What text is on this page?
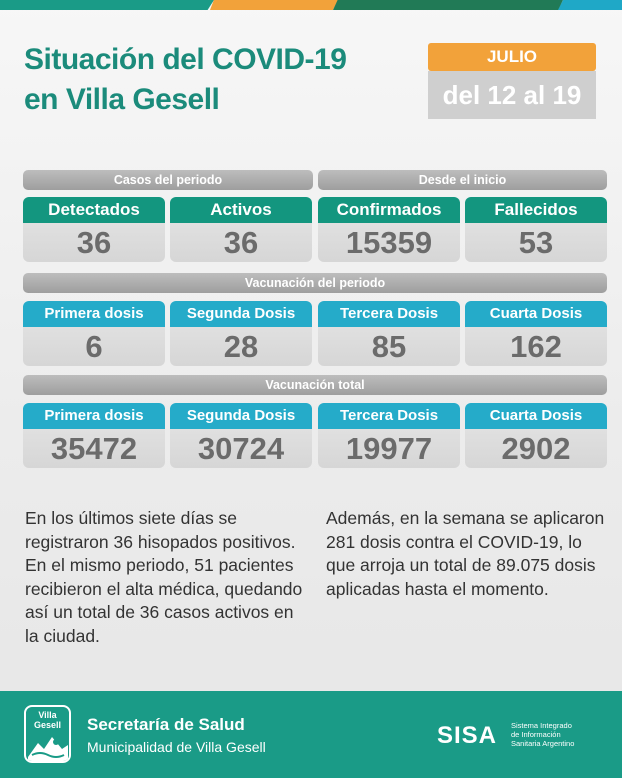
Situación del COVID-19
en Villa Gesell
JULIO
del 12 al 19
Casos del periodo	Desde el inicio
Vacunación del periodo
Vacunación total
Detectados
36
Activos
36
Confirmados
15359
Fallecidos
53
Primera dosis
6
Segunda Dosis
28
Tercera Dosis
85
Cuarta Dosis
162
Primera dosis
35472
Segunda Dosis
30724
Tercera Dosis
19977
Cuarta Dosis
2902
En los últimos siete días se registraron 36 hisopados positivos. En el mismo periodo, 51 pacientes recibieron el alta médica, quedando así un total de 36 casos activos en la ciudad.
Además, en la semana se aplicaron 281 dosis contra el COVID-19, lo que arroja un total de 89.075 dosis aplicadas hasta el momento.
Villa
Gesell	Secretaría de Salud
Municipalidad de Villa Gesell	SISA Sistema Integrado
de Información
Sanitaria Argentino
